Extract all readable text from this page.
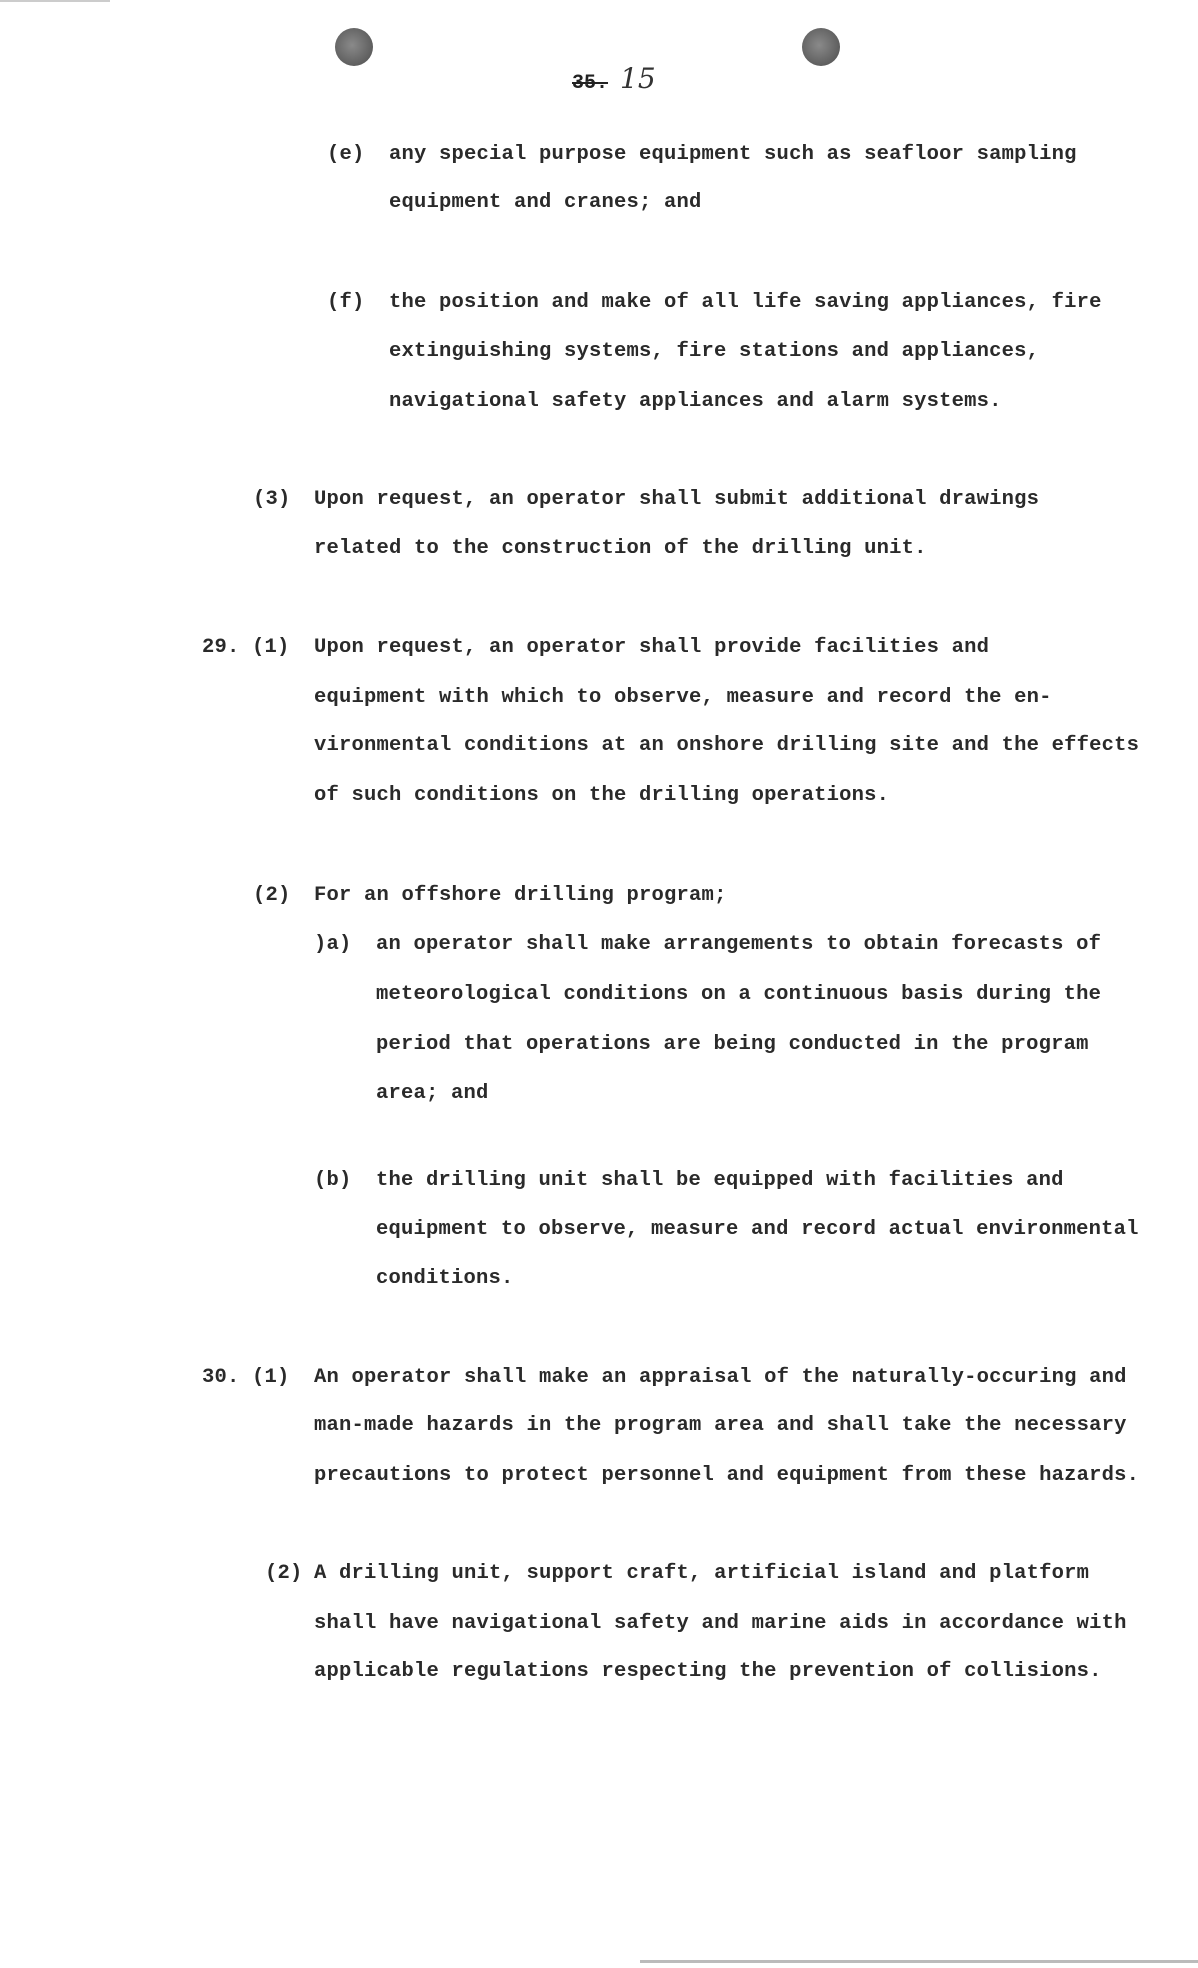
35. 15
(e) any special purpose equipment such as seafloor sampling
equipment and cranes; and
(f) the position and make of all life saving appliances, fire
extinguishing systems, fire stations and appliances,
navigational safety appliances and alarm systems.
(3) Upon request, an operator shall submit additional drawings
related to the construction of the drilling unit.
29. (1) Upon request, an operator shall provide facilities and
equipment with which to observe, measure and record the en-
vironmental conditions at an onshore drilling site and the effects
of such conditions on the drilling operations.
(2) For an offshore drilling program;
)a) an operator shall make arrangements to obtain forecasts of
meteorological conditions on a continuous basis during the
period that operations are being conducted in the program
area; and
(b) the drilling unit shall be equipped with facilities and
equipment to observe, measure and record actual environmental
conditions.
30. (1) An operator shall make an appraisal of the naturally-occuring and
man-made hazards in the program area and shall take the necessary
precautions to protect personnel and equipment from these hazards.
(2) A drilling unit, support craft, artificial island and platform
shall have navigational safety and marine aids in accordance with
applicable regulations respecting the prevention of collisions.
